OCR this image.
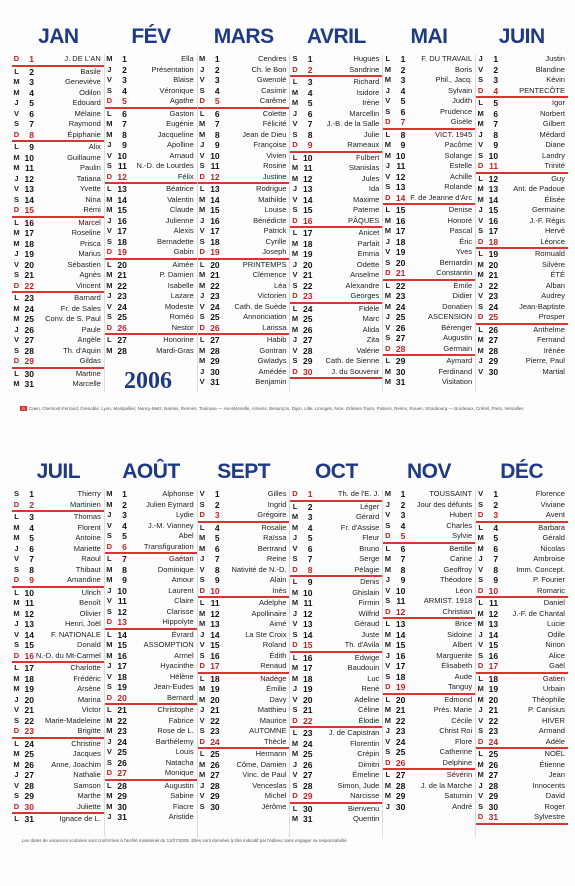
JAN	FÉV	MARS	AVRIL	MAI	JUIN
D	1	J. DE L'AN
L	2	Basile
M	3	Geneviève
M	4	Odilon
J	5	Edouard
V	6	Mélaine
S	7	Raymond
D	8	Épiphanie
L	9	Alix
M 10	Guillaume
M 11	Paulin
J 12	Tatiana
V 13	Yvette
S 14	Nina
D 15	Rémi
L 16	Marcel
M 17	Roseline
M 18	Prisca
J 19	Marius
V 20	Sébastien
S 21	Agnès
D 22	Vincent
L 23	Barnard
M 24	Fr. de Sales
M 25	Conv. de S. Paul
J 26	Paule
V 27	Angèle
S 28	Th. d'Aquin
D 29	Gildas
L 30	Martine
M 31	Marcelle
M	1	Ella
J	2	Présentation
V	3	Blaise
S	4	Véronique
D	5	Agathe
L	6	Gaston
M	7	Eugénie
M	8	Jacqueline
J	9	Apolline
V 10	Arnaud
S 11	N.-D. de Lourdes
D 12	Félix
L 13	Béatrice
M 14	Valentin
M 15	Claude
J 16	Julienne
V 17	Alexis
S 18	Bernadette
D 19	Gabin
L 20	Aimée
M 21	P. Damien
M 22	Isabelle
J 23	Lazare
V 24	Modeste
S 25	Roméo
D 26	Nestor
L 27	Honorine
M 28	Mardi-Gras
M	1	Cendres
J	2	Ch. le Bon
V	3	Gwenolé
S	4	Casimir
D	5	Carême
L	6	Colette
M	7	Félicité
M	8	Jean de Dieu
J	9	Françoise
V 10	Vivien
S 11	Rosine
D 12	Justine
L 13	Rodrigue
M 14	Mathilde
M 15	Louise
J 16	Bénédicte
V 17	Patrick
S 18	Cyrille
D 19	Joseph
L 20	PRINTEMPS
M 21	Clémence
M 22	Léa
J 23	Victorien
V 24	Cath. de Suède
S 25	Annonciation
D 26	Larissa
L 27	Habib
M 28	Gontran
M 29	Gwladys
J 30	Amédée
V 31	Benjamin
S	1	Hugues
D	2	Sandrine
L	3	Richard
M	4	Isidore
M	5	Irène
J	6	Marcellin
V	7	J.-B. de la Salle
S	8	Julie
D	9	Rameaux
L 10	Fulbert
M 11	Stanislas
M 12	Jules
J 13	Ida
V 14	Maxime
S 15	Paterne
D 16	PÂQUES
L 17	Anicet
M 18	Parfait
M 19	Emma
J 20	Odette
V 21	Anselme
S 22	Alexandre
D 23	Georges
L 24	Fidèle
M 25	Marc
M 26	Alida
J 27	Zita
V 28	Valérie
S 29	Cath. de Sienne
D 30	J. du Souvenir
L	1	F. DU TRAVAIL
M	2	Boris
M	3	Phil., Jacq.
J	4	Sylvain
V	5	Judith
S	6	Prudence
D	7	Gisèle
L	8	VICT. 1945
M	9	Pacôme
M 10	Solange
J 11	Estelle
V 12	Achille
S 13	Rolande
D 14 F. de Jeanne d'Arc
L 15	Denise
M 16	Honoré
M 17	Pascal
J 18	Éric
V 19	Yves
S 20	Bernardin
D 21	Constantin
L 22	Émile
M 23	Didier
M 24	Donatien
J 25	ASCENSION
V 26	Bérenger
S 27	Augustin
D 28	Germain
L 29	Aymard
M 30	Ferdinand
M 31	Visitation
J	1	Justin
V	2	Blandine
S	3	Kévin
D	4	PENTECÔTE
L	5	Igor
M	6	Norbert
M	7	Gilbert
J	8	Médard
V	9	Diane
S 10	Landry
D 11	Trinité
L 12	Guy
M 13	Ant. de Padoue
M 14	Élisée
J 15	Germaine
V 16	J.-F. Régis
S 17	Hervé
D 18	Léonce
L 19	Romuald
M 20	Silvère
M 21	ÉTÉ
J 22	Alban
V 23	Audrey
S 24	Jean-Baptiste
D 25	Prosper
L 26	Anthelme
M 27	Fernand
M 28	Irénée
J 29	Pierre, Paul
V 30	Martial
2006
A Caen, Clermont-Ferrand, Grenoble, Lyon, Montpellier, Nancy-Metz, Nantes, Rennes, Toulouse — Aix-Marseille, Amiens, Besançon, Dijon, Lille, Limoges, Nice, Orléans-Tours, Poitiers, Reims, Rouen, Strasbourg — Bordeaux, Créteil, Paris, Versailles
JUIL	AOÛT	SEPT	OCT	NOV	DÉC
S	1	Thierry
D	2	Martinien
L	3	Thomas
M	4	Florent
M	5	Antoine
J	6	Mariette
V	7	Raoul
S	8	Thibaut
D	9	Amandine
L 10	Ulrich
M 11	Benoît
M 12	Olivier
J 13	Henri, Joël
V 14	F. NATIONALE
S 15	Donald
D 16 N.-D. du Mt-Carmel
L 17	Charlotte
M 18	Frédéric
M 19	Arsène
J 20	Marina
V 21	Victor
S 22	Marie-Madeleine
D 23	Brigitte
L 24	Christine
M 25	Jacques
M 26	Anne, Joachim
J 27	Nathalie
V 28	Samson
S 29	Marthe
D 30	Juliette
L 31	Ignace de L.
M	1	Alphonse
M	2	Julien Eymard
J	3	Lydie
V	4	J.-M. Vianney
S	5	Abel
D	6	Transfiguration
L	7	Gaétan
M	8	Dominique
M	9	Amour
J 10	Laurent
V 11	Claire
S 12	Clarisse
D 13	Hippolyte
L 14	Évrard
M 15	ASSOMPTION
M 16	Armel
J 17	Hyacinthe
V 18	Hélène
S 19	Jean-Eudes
D 20	Bernard
L 21	Christophe
M 22	Fabrice
M 23	Rose de L.
J 24	Barthélemy
V 25	Louis
S 26	Natacha
D 27	Monique
L 28	Augustin
M 29	Sabine
M 30	Fiacre
J 31	Aristide
V	1	Gilles
S	2	Ingrid
D	3	Grégoire
L	4	Rosalie
M	5	Raïssa
M	6	Bertrand
J	7	Reine
V	8	Nativité de N.-D.
S	9	Alain
D 10	Inès
L 11	Adelphe
M 12	Apollinaire
M 13	Aimé
J 14	La Ste Croix
V 15	Roland
S 16	Édith
D 17	Renaud
L 18	Nadège
M 19	Émilie
M 20	Davy
J 21	Matthieu
V 22	Maurice
S 23	AUTOMNE
D 24	Thècle
L 25	Hermann
M 26	Côme, Damien
M 27	Vinc. de Paul
J 28	Venceslas
V 29	Michel
S 30	Jérôme
D	1	Th. de l'E. J.
L	2	Léger
M	3	Gérard
M	4	Fr. d'Assise
J	5	Fleur
V	6	Bruno
S	7	Serge
D	8	Pélagie
L	9	Denis
M 10	Ghislain
M 11	Firmin
J 12	Wilfrid
V 13	Géraud
S 14	Juste
D 15	Th. d'Avila
L 16	Edwige
M 17	Baudouin
M 18	Luc
J 19	René
V 20	Adeline
S 21	Céline
D 22	Élodie
L 23	J. de Capistran
M 24	Florentin
M 25	Crépin
J 26	Dimitri
V 27	Émeline
S 28	Simon, Jude
D 29	Narcisse
L 30	Bienvenu
M 31	Quentin
M	1	TOUSSAINT
J	2	Jour des défunts
V	3	Hubert
S	4	Charles
D	5	Sylvie
L	6	Bertille
M	7	Carine
M	8	Geoffroy
J	9	Théodore
V 10	Léon
S 11	ARMIST. 1918
D 12	Christian
L 13	Brice
M 14	Sidoine
M 15	Albert
J 16	Marguerite
V 17	Élisabeth
S 18	Aude
D 19	Tanguy
L 20	Edmond
M 21	Prés. Marie
M 22	Cécile
J 23	Christ Roi
V 24	Flore
S 25	Catherine
D 26	Delphine
L 27	Sévérin
M 28	J. de la Marche
M 29	Saturnin
J 30	André
V	1	Florence
S	2	Viviane
D	3	Avent
L	4	Barbara
M	5	Gérald
M	6	Nicolas
J	7	Ambroise
V	8	Imm. Concept.
S	9	P. Fourier
D 10	Romaric
L 11	Daniel
M 12	J.-F. de Chantal
M 13	Lucie
J 14	Odile
V 15	Ninon
S 16	Alice
D 17	Gaël
L 18	Gatien
M 19	Urbain
M 20	Théophile
J 21	P. Canisius
V 22	HIVER
S 23	Armand
D 24	Adèle
L 25	NOËL
M 26	Étienne
M 27	Jean
J 28	Innocents
V 29	David
S 30	Roger
D 31	Sylvestre
Les dates de vacances scolaires sont conformes à l'arrêté ministériel du 11/07/2005. Elles sont données à titre indicatif par l'éditeur sans engager sa responsabilité
